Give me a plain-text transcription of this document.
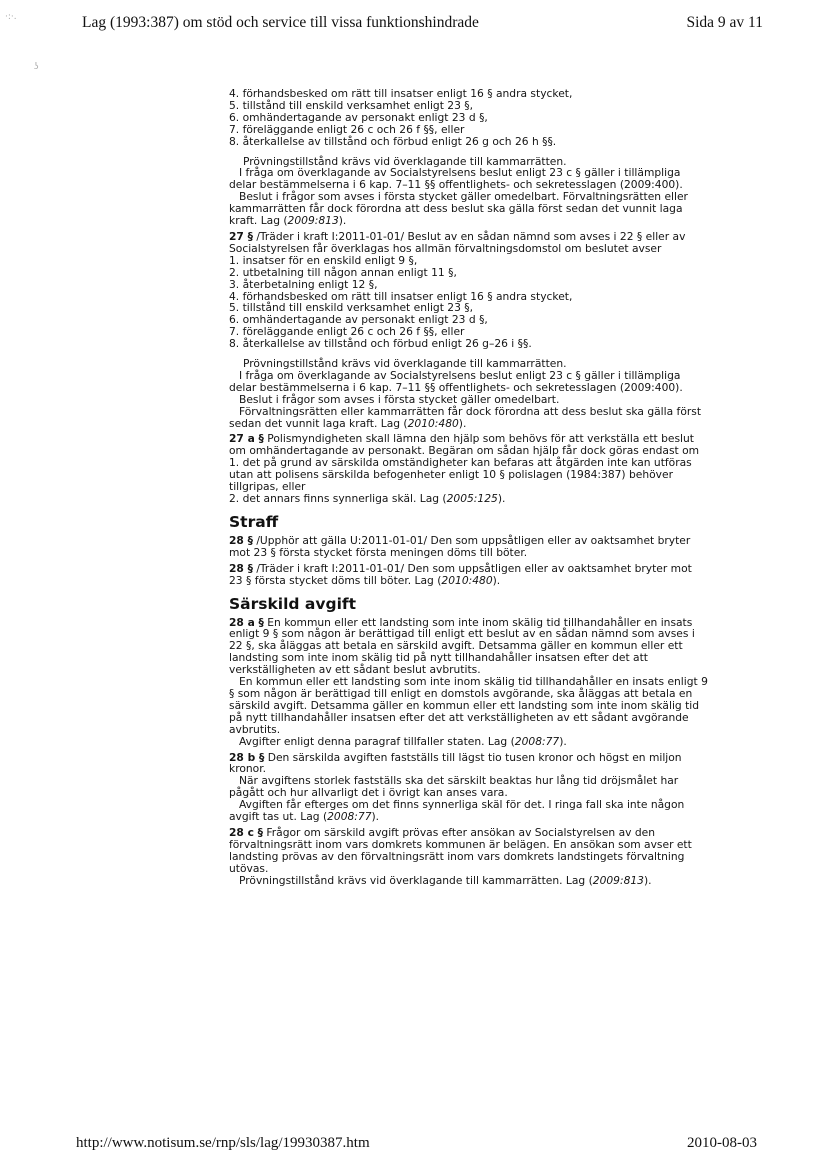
Lag (1993:387) om stöd och service till vissa funktionshindrade	Sida 9 av 11
·:·.
ʖ
4. förhandsbesked om rätt till insatser enligt 16 § andra stycket,
5. tillstånd till enskild verksamhet enligt 23 §,
6. omhändertagande av personakt enligt 23 d §,
7. föreläggande enligt 26 c och 26 f §§, eller
8. återkallelse av tillstånd och förbud enligt 26 g och 26 h §§.
Prövningstillstånd krävs vid överklagande till kammarrätten.
I fråga om överklagande av Socialstyrelsens beslut enligt 23 c § gäller i tillämpliga
delar bestämmelserna i 6 kap. 7–11 §§ offentlighets- och sekretesslagen (2009:400).
Beslut i frågor som avses i första stycket gäller omedelbart. Förvaltningsrätten eller
kammarrätten får dock förordna att dess beslut ska gälla först sedan det vunnit laga
kraft. Lag (2009:813).
27 § /Träder i kraft I:2011-01-01/ Beslut av en sådan nämnd som avses i 22 § eller av
Socialstyrelsen får överklagas hos allmän förvaltningsdomstol om beslutet avser
1. insatser för en enskild enligt 9 §,
2. utbetalning till någon annan enligt 11 §,
3. återbetalning enligt 12 §,
4. förhandsbesked om rätt till insatser enligt 16 § andra stycket,
5. tillstånd till enskild verksamhet enligt 23 §,
6. omhändertagande av personakt enligt 23 d §,
7. föreläggande enligt 26 c och 26 f §§, eller
8. återkallelse av tillstånd och förbud enligt 26 g–26 i §§.
Prövningstillstånd krävs vid överklagande till kammarrätten.
I fråga om överklagande av Socialstyrelsens beslut enligt 23 c § gäller i tillämpliga
delar bestämmelserna i 6 kap. 7–11 §§ offentlighets- och sekretesslagen (2009:400).
Beslut i frågor som avses i första stycket gäller omedelbart.
Förvaltningsrätten eller kammarrätten får dock förordna att dess beslut ska gälla först
sedan det vunnit laga kraft. Lag (2010:480).
27 a § Polismyndigheten skall lämna den hjälp som behövs för att verkställa ett beslut
om omhändertagande av personakt. Begäran om sådan hjälp får dock göras endast om
1. det på grund av särskilda omständigheter kan befaras att åtgärden inte kan utföras
utan att polisens särskilda befogenheter enligt 10 § polislagen (1984:387) behöver
tillgripas, eller
2. det annars finns synnerliga skäl. Lag (2005:125).
Straff
28 § /Upphör att gälla U:2011-01-01/ Den som uppsåtligen eller av oaktsamhet bryter
mot 23 § första stycket första meningen döms till böter.
28 § /Träder i kraft I:2011-01-01/ Den som uppsåtligen eller av oaktsamhet bryter mot
23 § första stycket döms till böter. Lag (2010:480).
Särskild avgift
28 a § En kommun eller ett landsting som inte inom skälig tid tillhandahåller en insats
enligt 9 § som någon är berättigad till enligt ett beslut av en sådan nämnd som avses i
22 §, ska åläggas att betala en särskild avgift. Detsamma gäller en kommun eller ett
landsting som inte inom skälig tid på nytt tillhandahåller insatsen efter det att
verkställigheten av ett sådant beslut avbrutits.
En kommun eller ett landsting som inte inom skälig tid tillhandahåller en insats enligt 9
§ som någon är berättigad till enligt en domstols avgörande, ska åläggas att betala en
särskild avgift. Detsamma gäller en kommun eller ett landsting som inte inom skälig tid
på nytt tillhandahåller insatsen efter det att verkställigheten av ett sådant avgörande
avbrutits.
Avgifter enligt denna paragraf tillfaller staten. Lag (2008:77).
28 b § Den särskilda avgiften fastställs till lägst tio tusen kronor och högst en miljon
kronor.
När avgiftens storlek fastställs ska det särskilt beaktas hur lång tid dröjsmålet har
pågått och hur allvarligt det i övrigt kan anses vara.
Avgiften får efterges om det finns synnerliga skäl för det. I ringa fall ska inte någon
avgift tas ut. Lag (2008:77).
28 c § Frågor om särskild avgift prövas efter ansökan av Socialstyrelsen av den
förvaltningsrätt inom vars domkrets kommunen är belägen. En ansökan som avser ett
landsting prövas av den förvaltningsrätt inom vars domkrets landstingets förvaltning
utövas.
Prövningstillstånd krävs vid överklagande till kammarrätten. Lag (2009:813).
http://www.notisum.se/rnp/sls/lag/19930387.htm	2010-08-03
